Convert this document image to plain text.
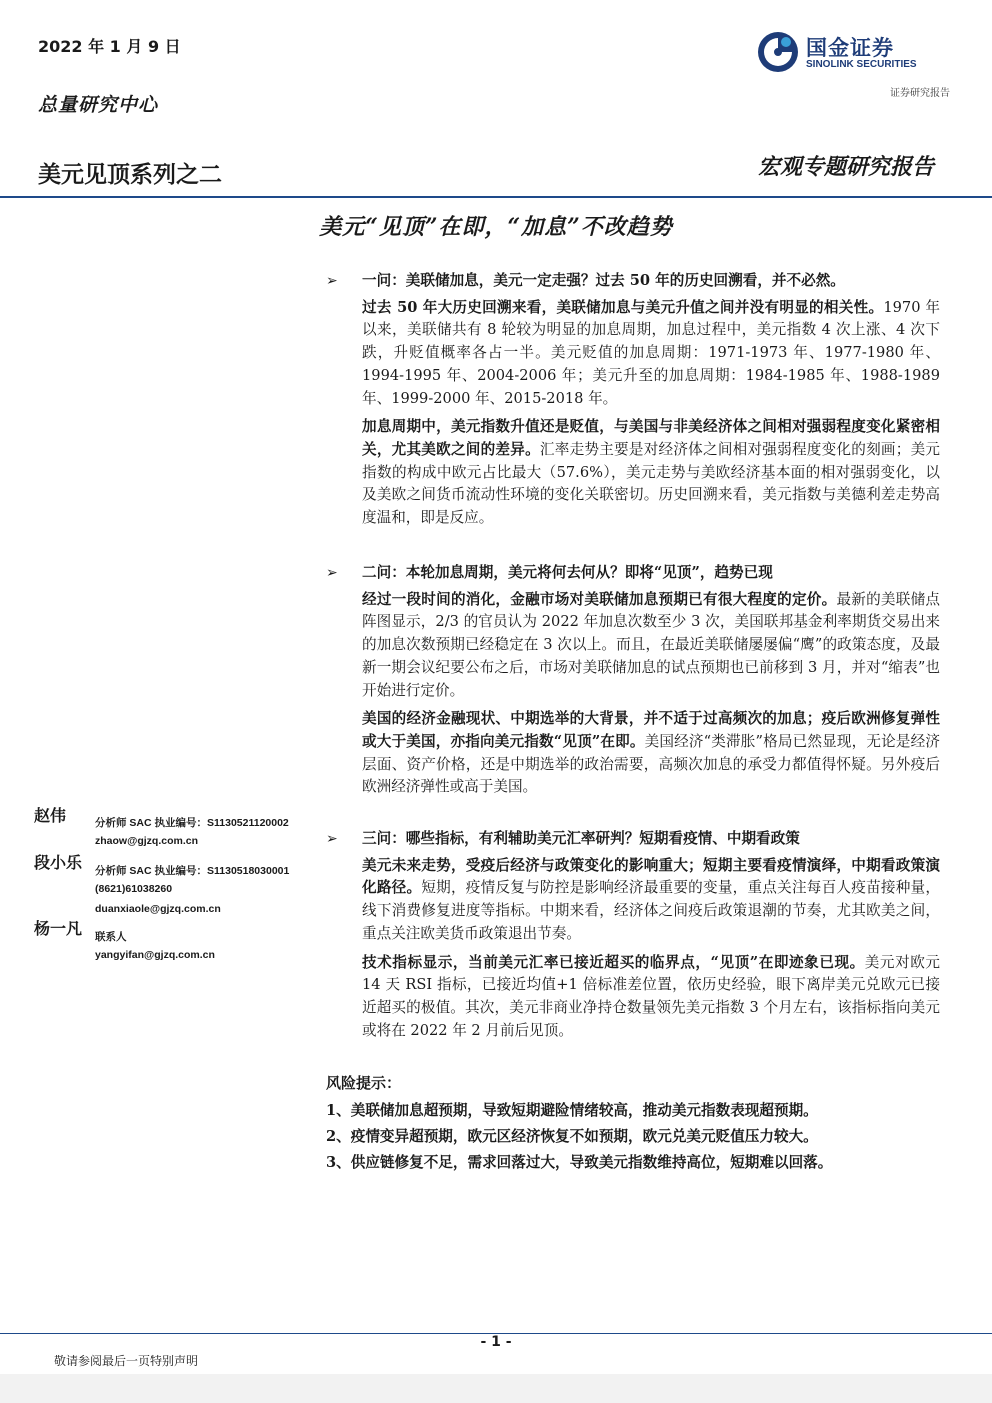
2022 年 1 月 9 日
总量研究中心
美元见顶系列之二
国金证券
SINOLINK SECURITIES
证券研究报告
宏观专题研究报告
美元“见顶”在即，“加息”不改趋势
➢ 一问：美联储加息，美元一定走强？过去 50 年的历史回溯看，并不必然。
过去 50 年大历史回溯来看，美联储加息与美元升值之间并没有明显的相关性。1970 年以来，美联储共有 8 轮较为明显的加息周期，加息过程中，美元指数 4 次上涨、4 次下跌，升贬值概率各占一半。美元贬值的加息周期：1971-1973 年、1977-1980 年、1994-1995 年、2004-2006 年；美元升至的加息周期：1984-1985 年、1988-1989 年、1999-2000 年、2015-2018 年。
加息周期中，美元指数升值还是贬值，与美国与非美经济体之间相对强弱程度变化紧密相关，尤其美欧之间的差异。汇率走势主要是对经济体之间相对强弱程度变化的刻画；美元指数的构成中欧元占比最大（57.6%），美元走势与美欧经济基本面的相对强弱变化，以及美欧之间货币流动性环境的变化关联密切。历史回溯来看，美元指数与美德利差走势高度温和，即是反应。
➢ 二问：本轮加息周期，美元将何去何从？即将“见顶”，趋势已现
经过一段时间的消化，金融市场对美联储加息预期已有很大程度的定价。最新的美联储点阵图显示，2/3 的官员认为 2022 年加息次数至少 3 次，美国联邦基金利率期货交易出来的加息次数预期已经稳定在 3 次以上。而且，在最近美联储屡屡偏“鹰”的政策态度，及最新一期会议纪要公布之后，市场对美联储加息的试点预期也已前移到 3 月，并对“缩表”也开始进行定价。
美国的经济金融现状、中期选举的大背景，并不适于过高频次的加息；疫后欧洲修复弹性或大于美国，亦指向美元指数“见顶”在即。美国经济“类滞胀”格局已然显现，无论是经济层面、资产价格，还是中期选举的政治需要，高频次加息的承受力都值得怀疑。另外疫后欧洲经济弹性或高于美国。
➢ 三问：哪些指标，有利辅助美元汇率研判？短期看疫情、中期看政策
美元未来走势，受疫后经济与政策变化的影响重大；短期主要看疫情演绎，中期看政策演化路径。短期，疫情反复与防控是影响经济最重要的变量，重点关注每百人疫苗接种量，线下消费修复进度等指标。中期来看，经济体之间疫后政策退潮的节奏，尤其欧美之间，重点关注欧美货币政策退出节奏。
技术指标显示，当前美元汇率已接近超买的临界点，“见顶”在即迹象已现。美元对欧元 14 天 RSI 指标，已接近均值+1 倍标准差位置，依历史经验，眼下离岸美元兑欧元已接近超买的极值。其次，美元非商业净持仓数量领先美元指数 3 个月左右，该指标指向美元或将在 2022 年 2 月前后见顶。
风险提示：
1、美联储加息超预期，导致短期避险情绪较高，推动美元指数表现超预期。
2、疫情变异超预期，欧元区经济恢复不如预期，欧元兑美元贬值压力较大。
3、供应链修复不足，需求回落过大，导致美元指数维持高位，短期难以回落。
赵伟	分析师 SAC 执业编号：S1130521120002
zhaow@gjzq.com.cn
段小乐 分析师 SAC 执业编号：S1130518030001
(8621)61038260
duanxiaole@gjzq.com.cn
杨一凡 联系人
yangyifan@gjzq.com.cn
- 1 -
敬请参阅最后一页特别声明
